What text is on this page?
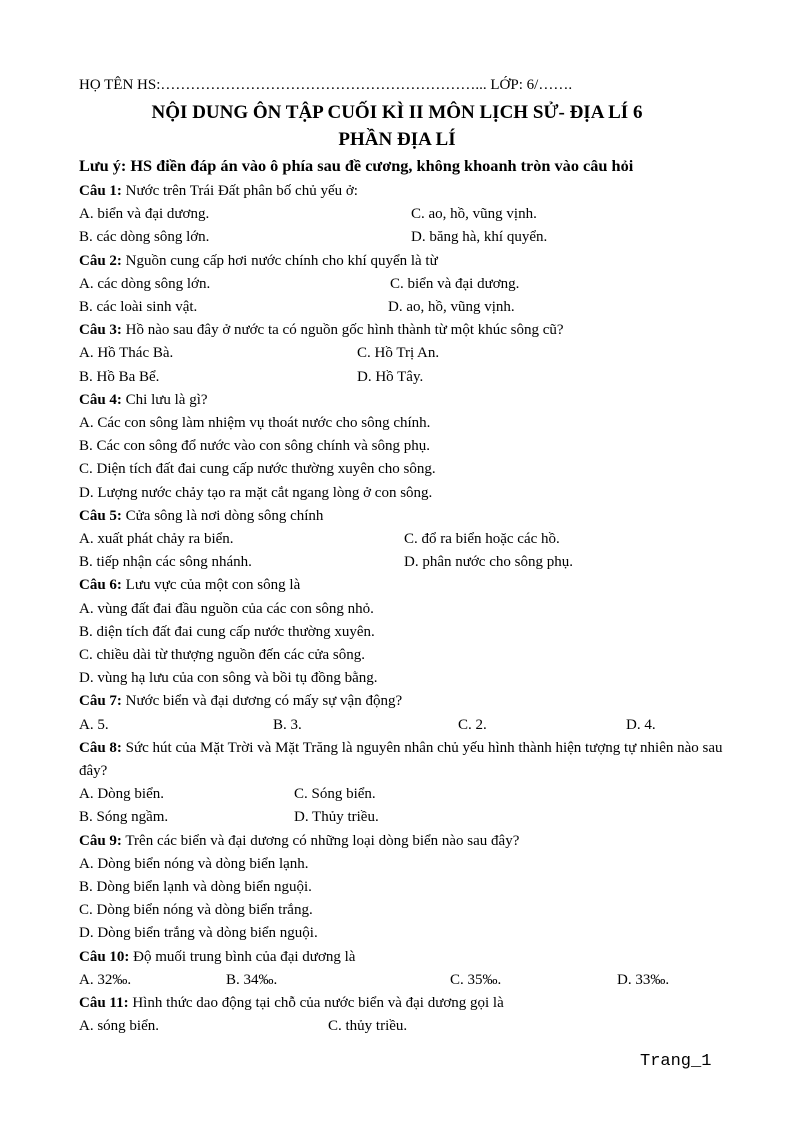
HỌ TÊN HS:………………………………………………………... LỚP: 6/…….
NỘI DUNG ÔN TẬP CUỐI KÌ II MÔN LỊCH SỬ- ĐỊA LÍ 6
PHẦN ĐỊA LÍ
Lưu ý: HS điền đáp án vào ô phía sau đề cương, không khoanh tròn vào câu hỏi

Câu 1: Nước trên Trái Đất phân bố chủ yếu ở:

A. biển và đại dương.	C. ao, hồ, vũng vịnh.
B. các dòng sông lớn.	D. băng hà, khí quyển.

Câu 2: Nguồn cung cấp hơi nước chính cho khí quyển là từ

A. các dòng sông lớn.	C. biển và đại dương.
B. các loài sinh vật.	D. ao, hồ, vũng vịnh.

Câu 3: Hồ nào sau đây ở nước ta có nguồn gốc hình thành từ một khúc sông cũ?

A. Hồ Thác Bà.	C. Hồ Trị An.
B. Hồ Ba Bể.	D. Hồ Tây.

Câu 4: Chi lưu là gì?

A. Các con sông làm nhiệm vụ thoát nước cho sông chính.

B. Các con sông đổ nước vào con sông chính và sông phụ.

C. Diện tích đất đai cung cấp nước thường xuyên cho sông.

D. Lượng nước chảy tạo ra mặt cắt ngang lòng ở con sông.

Câu 5: Cửa sông là nơi dòng sông chính

A. xuất phát chảy ra biển.	C. đổ ra biển hoặc các hồ.
B. tiếp nhận các sông nhánh.	D. phân nước cho sông phụ.

Câu 6: Lưu vực của một con sông là

A. vùng đất đai đầu nguồn của các con sông nhỏ.

B. diện tích đất đai cung cấp nước thường xuyên.

C. chiều dài từ thượng nguồn đến các cửa sông.

D. vùng hạ lưu của con sông và bồi tụ đồng bằng.

Câu 7: Nước biển và đại dương có mấy sự vận động?

A. 5.	B. 3.	C. 2.	D. 4.

Câu 8: Sức hút của Mặt Trời và Mặt Trăng là nguyên nhân chủ yếu hình thành hiện tượng tự nhiên nào sau đây?

A. Dòng biển.	C. Sóng biển.
B. Sóng ngầm.	D. Thủy triều.

Câu 9: Trên các biển và đại dương có những loại dòng biển nào sau đây?

A. Dòng biển nóng và dòng biển lạnh.

B. Dòng biển lạnh và dòng biển nguội.

C. Dòng biển nóng và dòng biển trắng.

D. Dòng biển trắng và dòng biển nguội.

Câu 10: Độ muối trung bình của đại dương là

A. 32‰.	B. 34‰.	C. 35‰.	D. 33‰.

Câu 11: Hình thức dao động tại chỗ của nước biển và đại dương gọi là

A. sóng biển.	C. thủy triều.
Trang_1
